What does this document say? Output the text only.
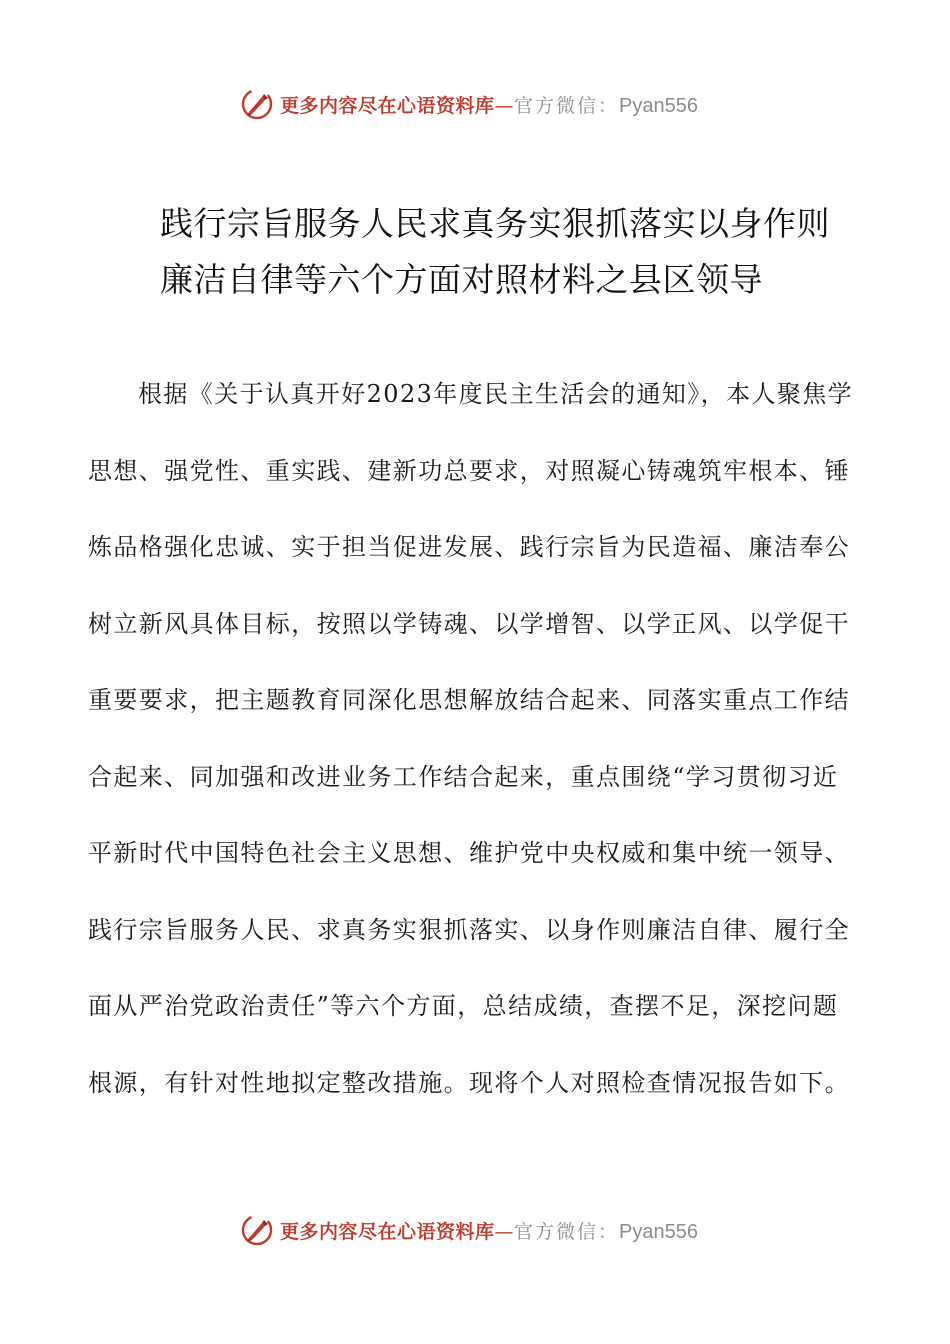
更多内容尽在心语资料库—官方微信：Pyan556
践行宗旨服务人民求真务实狠抓落实以身作则
廉洁自律等六个方面对照材料之县区领导
根据《关于认真开好2023年度民主生活会的通知》，本人聚焦学
思想、强党性、重实践、建新功总要求，对照凝心铸魂筑牢根本、锤
炼品格强化忠诚、实于担当促进发展、践行宗旨为民造福、廉洁奉公
树立新风具体目标，按照以学铸魂、以学增智、以学正风、以学促干
重要要求，把主题教育同深化思想解放结合起来、同落实重点工作结
合起来、同加强和改进业务工作结合起来，重点围绕“学习贯彻习近
平新时代中国特色社会主义思想、维护党中央权威和集中统一领导、
践行宗旨服务人民、求真务实狠抓落实、以身作则廉洁自律、履行全
面从严治党政治责任”等六个方面，总结成绩，查摆不足，深挖问题
根源，有针对性地拟定整改措施。现将个人对照检查情况报告如下。
更多内容尽在心语资料库—官方微信：Pyan556
